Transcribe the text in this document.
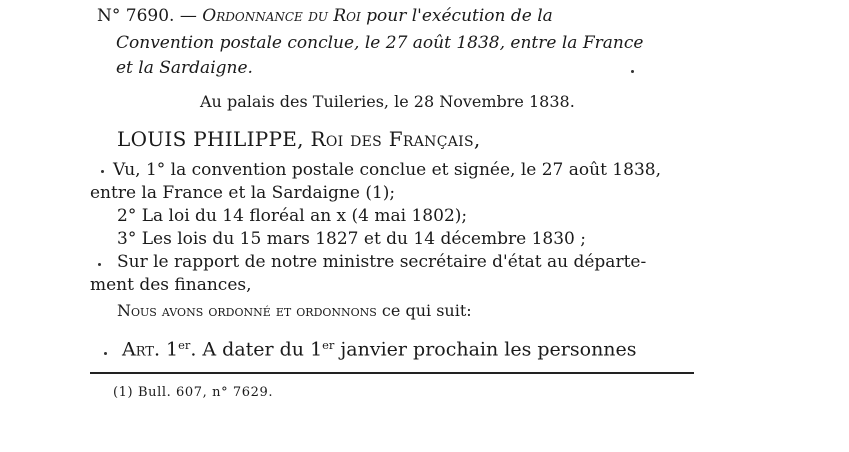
N° 7690. — Ordonnance du Roi pour l'exécution de la
Convention postale conclue, le 27 août 1838, entre la France
et la Sardaigne.
Au palais des Tuileries, le 28 Novembre 1838.
LOUIS PHILIPPE, Roi des Français,
Vu, 1° la convention postale conclue et signée, le 27 août 1838,
entre la France et la Sardaigne (1);
2° La loi du 14 floréal an x (4 mai 1802);
3° Les lois du 15 mars 1827 et du 14 décembre 1830 ;
Sur le rapport de notre ministre secrétaire d'état au départe-
ment des finances,
Nous avons ordonné et ordonnons ce qui suit:
Art. 1er. A dater du 1er janvier prochain les personnes
(1) Bull. 607, n° 7629.
